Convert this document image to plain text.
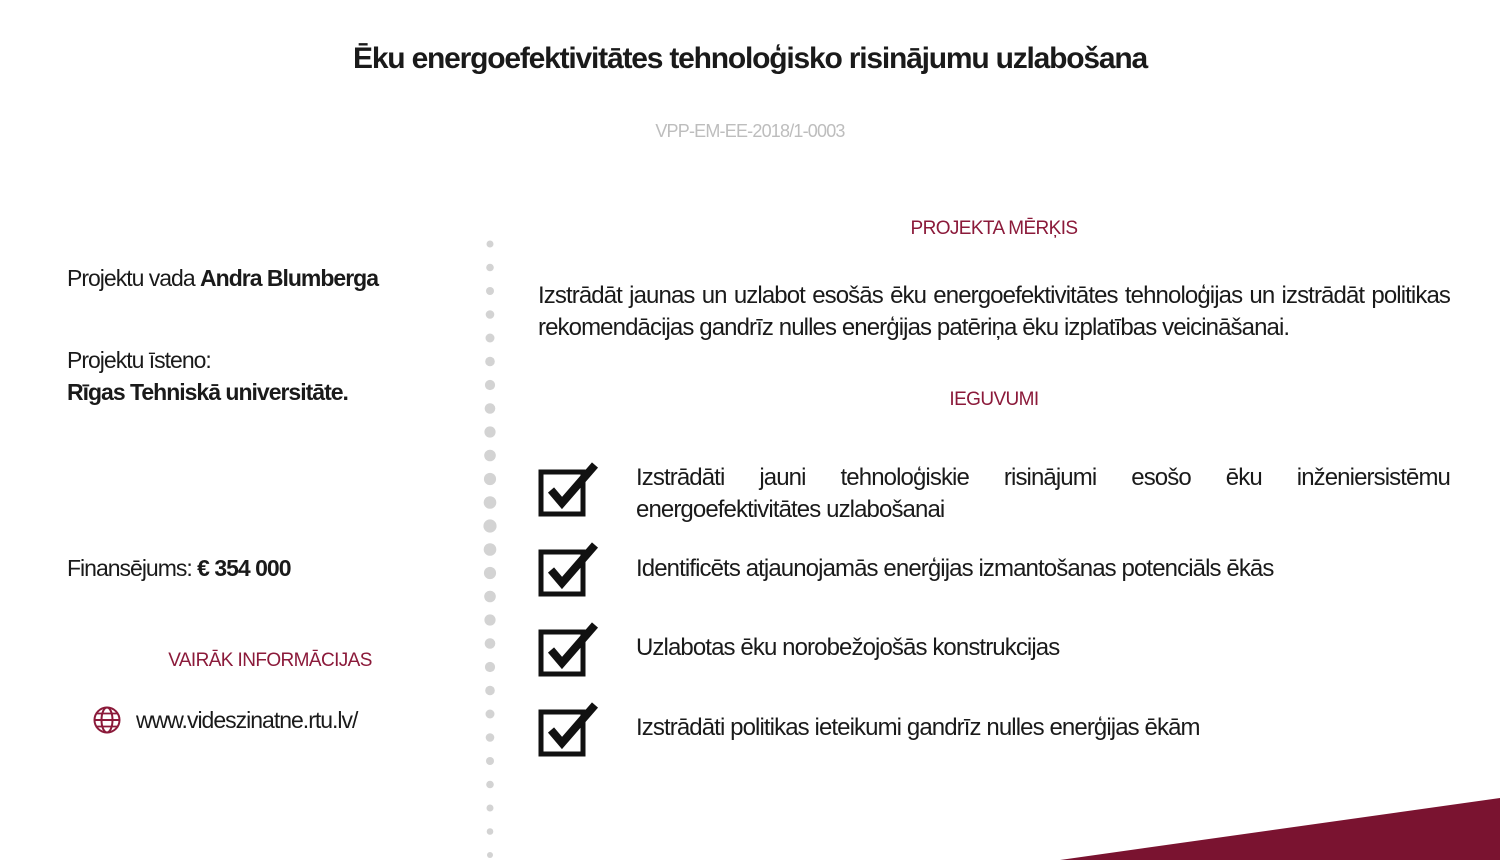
Ēku energoefektivitātes tehnoloģisko risinājumu uzlabošana
VPP-EM-EE-2018/1-0003
Projektu vada Andra Blumberga
Projektu īsteno:
Rīgas Tehniskā universitāte.
Finansējums: € 354 000
VAIRĀK INFORMĀCIJAS
www.videszinatne.rtu.lv/
PROJEKTA MĒRĶIS
Izstrādāt jaunas un uzlabot esošās ēku energoefektivitātes tehnoloģijas un izstrādāt politikas rekomendācijas gandrīz nulles enerģijas patēriņa ēku izplatības veicināšanai.
IEGUVUMI
Izstrādāti jauni tehnoloģiskie risinājumi esošo ēku inženiersistēmu energoefektivitātes uzlabošanai
Identificēts atjaunojamās enerģijas izmantošanas potenciāls ēkās
Uzlabotas ēku norobežojošās konstrukcijas
Izstrādāti politikas ieteikumi gandrīz nulles enerģijas ēkām
